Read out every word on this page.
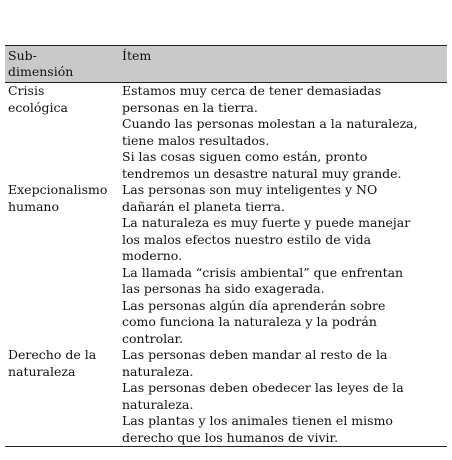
Sub-
dimensión
Ítem
Crisis
ecológica

Estamos muy cerca de tener demasiadas
personas en la tierra.

Cuando las personas molestan a la naturaleza,
tiene malos resultados.

Si las cosas siguen como están, pronto
tendremos un desastre natural muy grande.

Exepcionalismo
humano

Las personas son muy inteligentes y NO
dañarán el planeta tierra.

La naturaleza es muy fuerte y puede manejar
los malos efectos nuestro estilo de vida
moderno.

La llamada “crisis ambiental” que enfrentan
las personas ha sido exagerada.

Las personas algún día aprenderán sobre
como funciona la naturaleza y la podrán
controlar.

Derecho de la
naturaleza

Las personas deben mandar al resto de la
naturaleza.

Las personas deben obedecer las leyes de la
naturaleza.

Las plantas y los animales tienen el mismo
derecho que los humanos de vivir.
